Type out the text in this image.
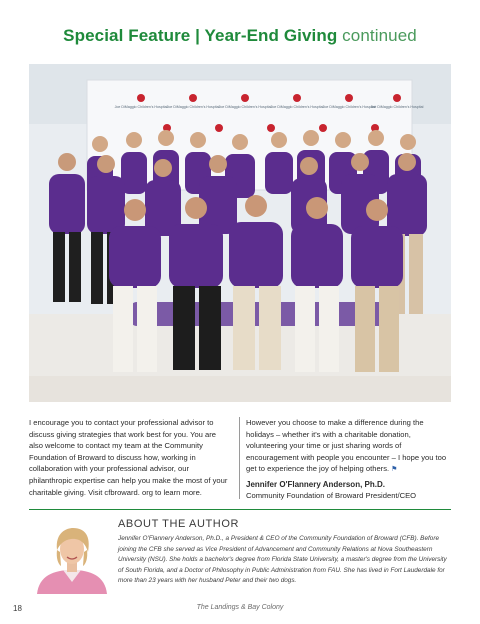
Special Feature | Year-End Giving continued
Joe DiMaggio Children's Hospital Joe DiMaggio Children's Hospital Joe DiMaggio Children's Hospital Joe DiMaggio Children's Hospital Joe DiMaggio Children's Hospital
Joe DiMaggio Children's Hospital

I encourage you to contact your professional advisor to discuss giving strategies that work best for you. You are also welcome to contact my team at the Community Foundation of Broward to discuss how, working in collaboration with your professional advisor, our philanthropic expertise can help you make the most of your charitable giving. Visit cfbroward. org to learn more.

However you choose to make a difference during the holidays – whether it's with a charitable donation, volunteering your time or just sharing words of encouragement with people you encounter – I hope you too get to experience the joy of helping others. ⚑

Jennifer O'Flannery Anderson, Ph.D.
Community Foundation of Broward President/CEO
ABOUT THE AUTHOR
Jennifer O'Flannery Anderson, Ph.D., a President & CEO of the Community Foundation of Broward (CFB). Before joining the CFB she served as Vice President of Advancement and Community Relations at Nova Southeastern University (NSU). She holds a bachelor's degree from Florida State University, a master's degree from the University of South Florida, and a Doctor of Philosophy in Public Administration from FAU. She has lived in Fort Lauderdale for more than 23 years with her husband Peter and their two dogs.
18	The Landings & Bay Colony
